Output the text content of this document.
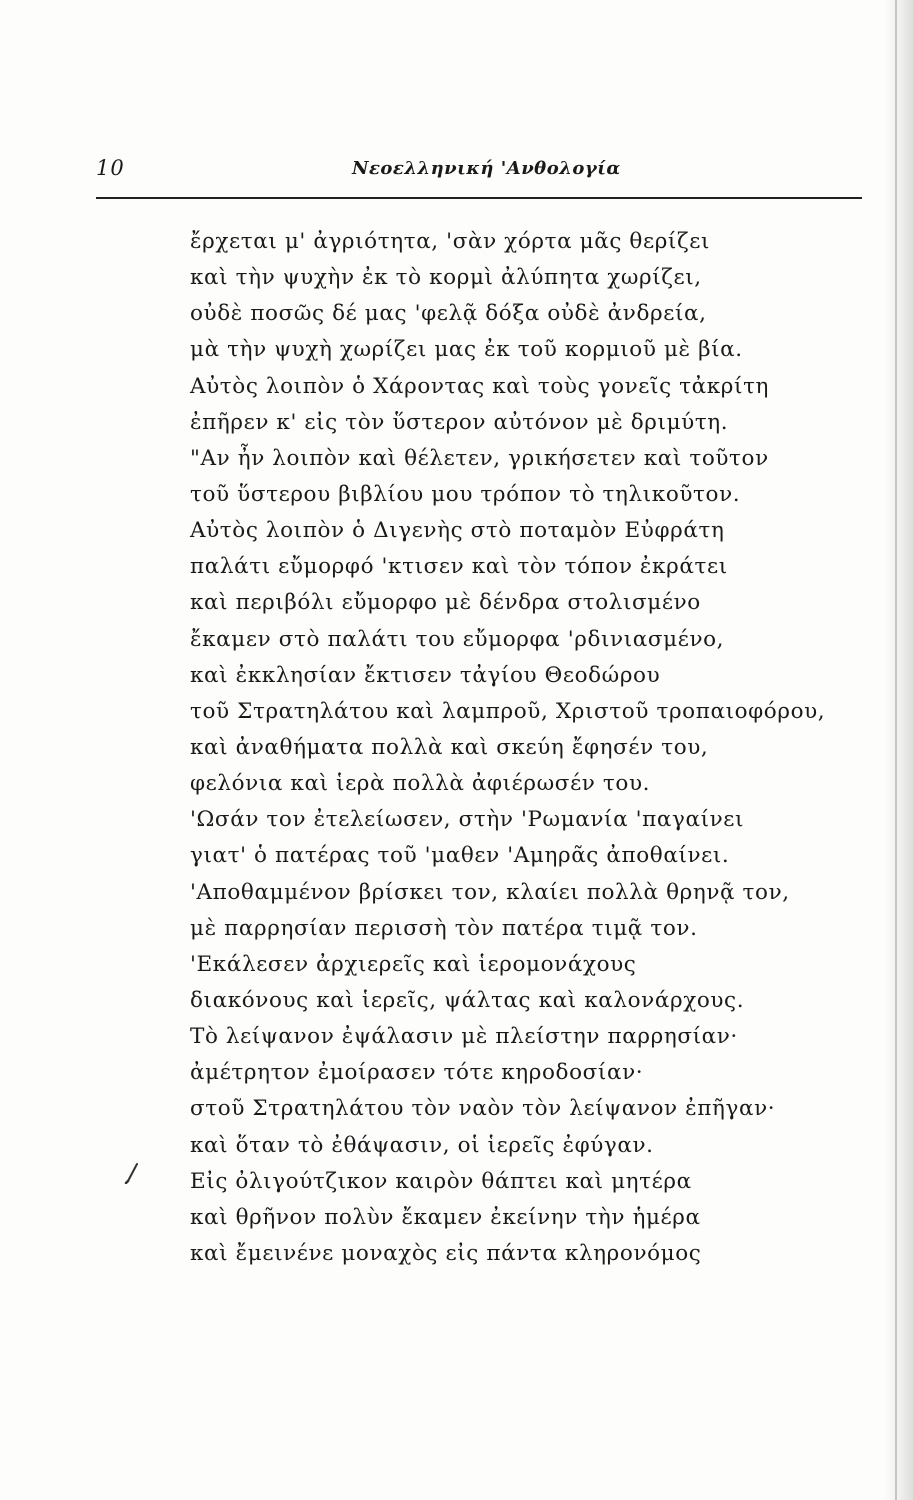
10	Νεοελληνική 'Ανθολογία
ἔρχεται μ' ἀγριότητα, 'σὰν χόρτα μᾶς θερίζει
καὶ τὴν ψυχὴν ἐκ τὸ κορμὶ ἀλύπητα χωρίζει,
οὐδὲ ποσῶς δέ μας 'φελᾷ δόξα οὐδὲ ἀνδρεία,
μὰ τὴν ψυχὴ χωρίζει μας ἐκ τοῦ κορμιοῦ μὲ βία.
Αὐτὸς λοιπὸν ὁ Χάροντας καὶ τοὺς γονεῖς τἀκρίτη
ἐπῆρεν κ' εἰς τὸν ὕστερον αὐτόνον μὲ δριμύτη.
"Αν ἦν λοιπὸν καὶ θέλετεν, γρικήσετεν καὶ τοῦτον
τοῦ ὕστερου βιβλίου μου τρόπον τὸ τηλικοῦτον.
Αὐτὸς λοιπὸν ὁ Διγενὴς στὸ ποταμὸν Εὐφράτη
παλάτι εὔμορφό 'κτισεν καὶ τὸν τόπον ἐκράτει
καὶ περιβόλι εὔμορφο μὲ δένδρα στολισμένο
ἔκαμεν στὸ παλάτι του εὔμορφα 'ρδινιασμένο,
καὶ ἐκκλησίαν ἔκτισεν τἀγίου Θεοδώρου
τοῦ Στρατηλάτου καὶ λαμπροῦ, Χριστοῦ τροπαιοφόρου,
καὶ ἀναθήματα πολλὰ καὶ σκεύη ἔφησέν του,
φελόνια καὶ ἱερὰ πολλὰ ἀφιέρωσέν του.
'Ωσάν τον ἐτελείωσεν, στὴν 'Ρωμανία 'παγαίνει
γιατ' ὁ πατέρας τοῦ 'μαθεν 'Αμηρᾶς ἀποθαίνει.
'Αποθαμμένον βρίσκει τον, κλαίει πολλὰ θρηνᾷ τον,
μὲ παρρησίαν περισσὴ τὸν πατέρα τιμᾷ τον.
'Εκάλεσεν ἀρχιερεῖς καὶ ἱερομονάχους
διακόνους καὶ ἱερεῖς, ψάλτας καὶ καλονάρχους.
Τὸ λείψανον ἐψάλασιν μὲ πλείστην παρρησίαν·
ἀμέτρητον ἐμοίρασεν τότε κηροδοσίαν·
στοῦ Στρατηλάτου τὸν ναὸν τὸν λείψανον ἐπῆγαν·
καὶ ὅταν τὸ ἐθάψασιν, οἱ ἱερεῖς ἐφύγαν.
Εἰς ὀλιγούτζικον καιρὸν θάπτει καὶ μητέρα
καὶ θρῆνον πολὺν ἔκαμεν ἐκείνην τὴν ἡμέρα
καὶ ἔμεινένε μοναχὸς εἰς πάντα κληρονόμος
